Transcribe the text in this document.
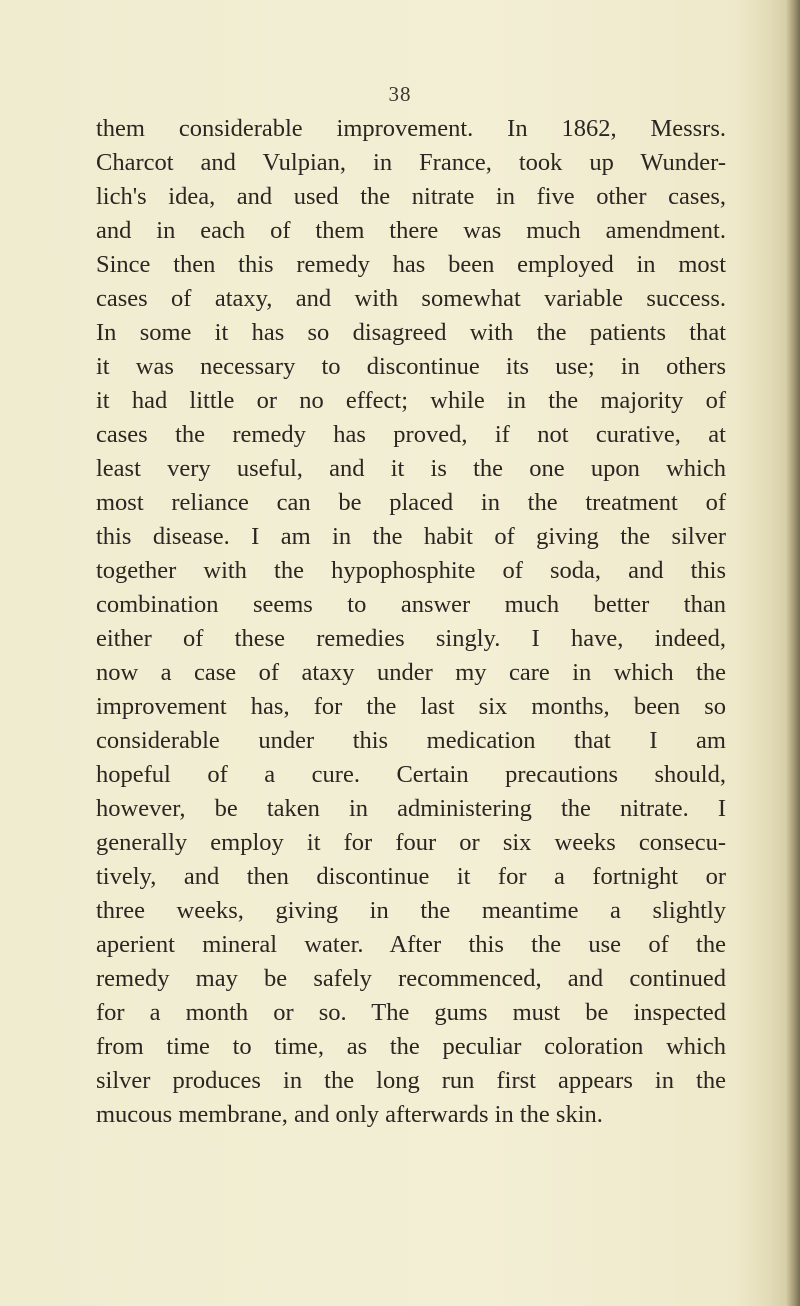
38
them considerable improvement. In 1862, Messrs.
Charcot and Vulpian, in France, took up Wunder-
lich's idea, and used the nitrate in five other cases,
and in each of them there was much amendment.
Since then this remedy has been employed in most
cases of ataxy, and with somewhat variable success.
In some it has so disagreed with the patients that
it was necessary to discontinue its use; in others
it had little or no effect; while in the majority of
cases the remedy has proved, if not curative, at
least very useful, and it is the one upon which
most reliance can be placed in the treatment of
this disease. I am in the habit of giving the silver
together with the hypophosphite of soda, and this
combination seems to answer much better than
either of these remedies singly. I have, indeed,
now a case of ataxy under my care in which the
improvement has, for the last six months, been so
considerable under this medication that I am
hopeful of a cure. Certain precautions should,
however, be taken in administering the nitrate. I
generally employ it for four or six weeks consecu-
tively, and then discontinue it for a fortnight or
three weeks, giving in the meantime a slightly
aperient mineral water. After this the use of the
remedy may be safely recommenced, and continued
for a month or so. The gums must be inspected
from time to time, as the peculiar coloration which
silver produces in the long run first appears in the
mucous membrane, and only afterwards in the skin.
